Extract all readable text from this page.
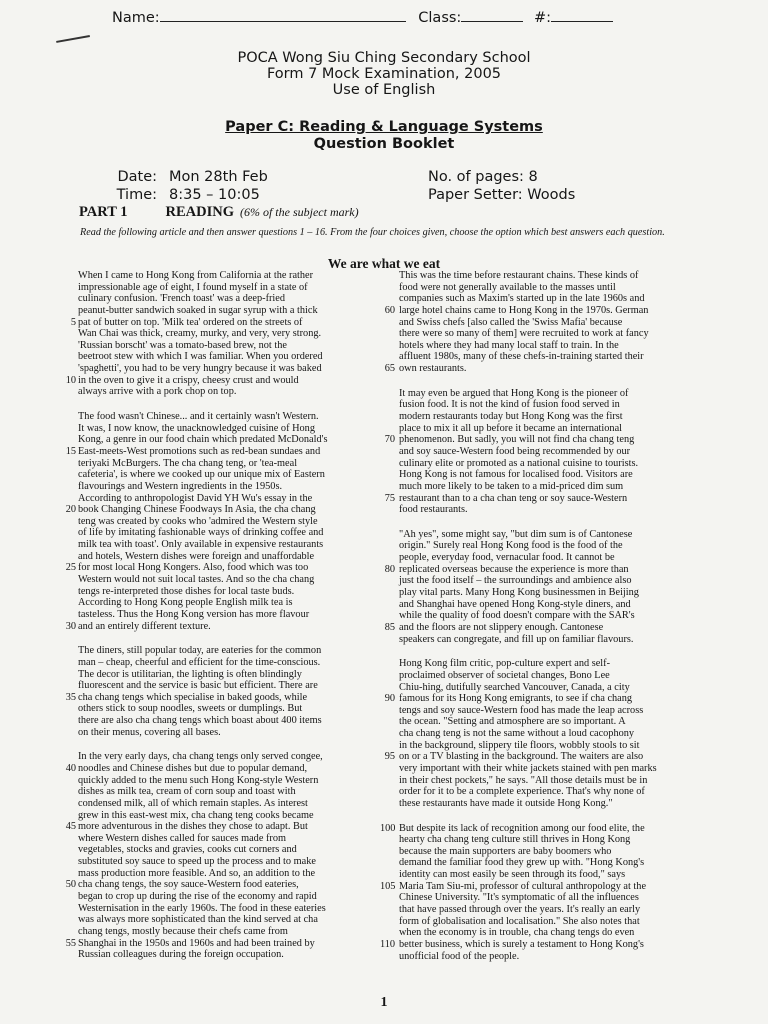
Name:	Class:	#:
POCA Wong Siu Ching Secondary School
Form 7 Mock Examination, 2005
Use of English
Paper C: Reading & Language Systems
Question Booklet
Date: Mon 28th Feb
Time: 8:35 – 10:05
No. of pages: 8
Paper Setter: Woods
PART 1	READING (6% of the subject mark)
Read the following article and then answer questions 1 – 16. From the four choices given, choose the option which best answers each question.
We are what we eat
When I came to Hong Kong from California at the rather
impressionable age of eight, I found myself in a state of
culinary confusion. 'French toast' was a deep-fried
peanut-butter sandwich soaked in sugar syrup with a thick
5 pat of butter on top. 'Milk tea' ordered on the streets of
Wan Chai was thick, creamy, murky, and very, very strong.
'Russian borscht' was a tomato-based brew, not the
beetroot stew with which I was familiar. When you ordered
'spaghetti', you had to be very hungry because it was baked
10 in the oven to give it a crispy, cheesy crust and would
always arrive with a pork chop on top.
The food wasn't Chinese... and it certainly wasn't Western.
It was, I now know, the unacknowledged cuisine of Hong
Kong, a genre in our food chain which predated McDonald's
15 East-meets-West promotions such as red-bean sundaes and
teriyaki McBurgers. The cha chang teng, or 'tea-meal
cafeteria', is where we cooked up our unique mix of Eastern
flavourings and Western ingredients in the 1950s.
According to anthropologist David YH Wu's essay in the
20 book Changing Chinese Foodways In Asia, the cha chang
teng was created by cooks who 'admired the Western style
of life by imitating fashionable ways of drinking coffee and
milk tea with toast'. Only available in expensive restaurants
and hotels, Western dishes were foreign and unaffordable
25 for most local Hong Kongers. Also, food which was too
Western would not suit local tastes. And so the cha chang
tengs re-interpreted those dishes for local taste buds.
According to Hong Kong people English milk tea is
tasteless. Thus the Hong Kong version has more flavour
30 and an entirely different texture.
The diners, still popular today, are eateries for the common
man – cheap, cheerful and efficient for the time-conscious.
The decor is utilitarian, the lighting is often blindingly
fluorescent and the service is basic but efficient. There are
35 cha chang tengs which specialise in baked goods, while
others stick to soup noodles, sweets or dumplings. But
there are also cha chang tengs which boast about 400 items
on their menus, covering all bases.
In the very early days, cha chang tengs only served congee,
40 noodles and Chinese dishes but due to popular demand,
quickly added to the menu such Hong Kong-style Western
dishes as milk tea, cream of corn soup and toast with
condensed milk, all of which remain staples. As interest
grew in this east-west mix, cha chang teng cooks became
45 more adventurous in the dishes they chose to adapt. But
where Western dishes called for sauces made from
vegetables, stocks and gravies, cooks cut corners and
substituted soy sauce to speed up the process and to make
mass production more feasible. And so, an addition to the
50 cha chang tengs, the soy sauce-Western food eateries,
began to crop up during the rise of the economy and rapid
Westernisation in the early 1960s. The food in these eateries
was always more sophisticated than the kind served at cha
chang tengs, mostly because their chefs came from
55 Shanghai in the 1950s and 1960s and had been trained by
Russian colleagues during the foreign occupation.
This was the time before restaurant chains. These kinds of
food were not generally available to the masses until
companies such as Maxim's started up in the late 1960s and
60 large hotel chains came to Hong Kong in the 1970s. German
and Swiss chefs [also called the 'Swiss Mafia' because
there were so many of them] were recruited to work at fancy
hotels where they had many local staff to train. In the
affluent 1980s, many of these chefs-in-training started their
65 own restaurants.
It may even be argued that Hong Kong is the pioneer of
fusion food. It is not the kind of fusion food served in
modern restaurants today but Hong Kong was the first
place to mix it all up before it became an international
70 phenomenon. But sadly, you will not find cha chang teng
and soy sauce-Western food being recommended by our
culinary elite or promoted as a national cuisine to tourists.
Hong Kong is not famous for localised food. Visitors are
much more likely to be taken to a mid-priced dim sum
75 restaurant than to a cha chan teng or soy sauce-Western
food restaurants.
"Ah yes", some might say, "but dim sum is of Cantonese
origin." Surely real Hong Kong food is the food of the
people, everyday food, vernacular food. It cannot be
80 replicated overseas because the experience is more than
just the food itself – the surroundings and ambience also
play vital parts. Many Hong Kong businessmen in Beijing
and Shanghai have opened Hong Kong-style diners, and
while the quality of food doesn't compare with the SAR's
85 and the floors are not slippery enough. Cantonese
speakers can congregate, and fill up on familiar flavours.
Hong Kong film critic, pop-culture expert and self-
proclaimed observer of societal changes, Bono Lee
Chiu-hing, dutifully searched Vancouver, Canada, a city
90 famous for its Hong Kong emigrants, to see if cha chang
tengs and soy sauce-Western food has made the leap across
the ocean. "Setting and atmosphere are so important. A
cha chang teng is not the same without a loud cacophony
in the background, slippery tile floors, wobbly stools to sit
95 on or a TV blasting in the background. The waiters are also
very important with their white jackets stained with pen marks
in their chest pockets," he says. "All those details must be in
order for it to be a complete experience. That's why none of
these restaurants have made it outside Hong Kong."
100 But despite its lack of recognition among our food elite, the
hearty cha chang teng culture still thrives in Hong Kong
because the main supporters are baby boomers who
demand the familiar food they grew up with. "Hong Kong's
identity can most easily be seen through its food," says
105 Maria Tam Siu-mi, professor of cultural anthropology at the
Chinese University. "It's symptomatic of all the influences
that have passed through over the years. It's really an early
form of globalisation and localisation." She also notes that
when the economy is in trouble, cha chang tengs do even
110 better business, which is surely a testament to Hong Kong's
unofficial food of the people.
1
